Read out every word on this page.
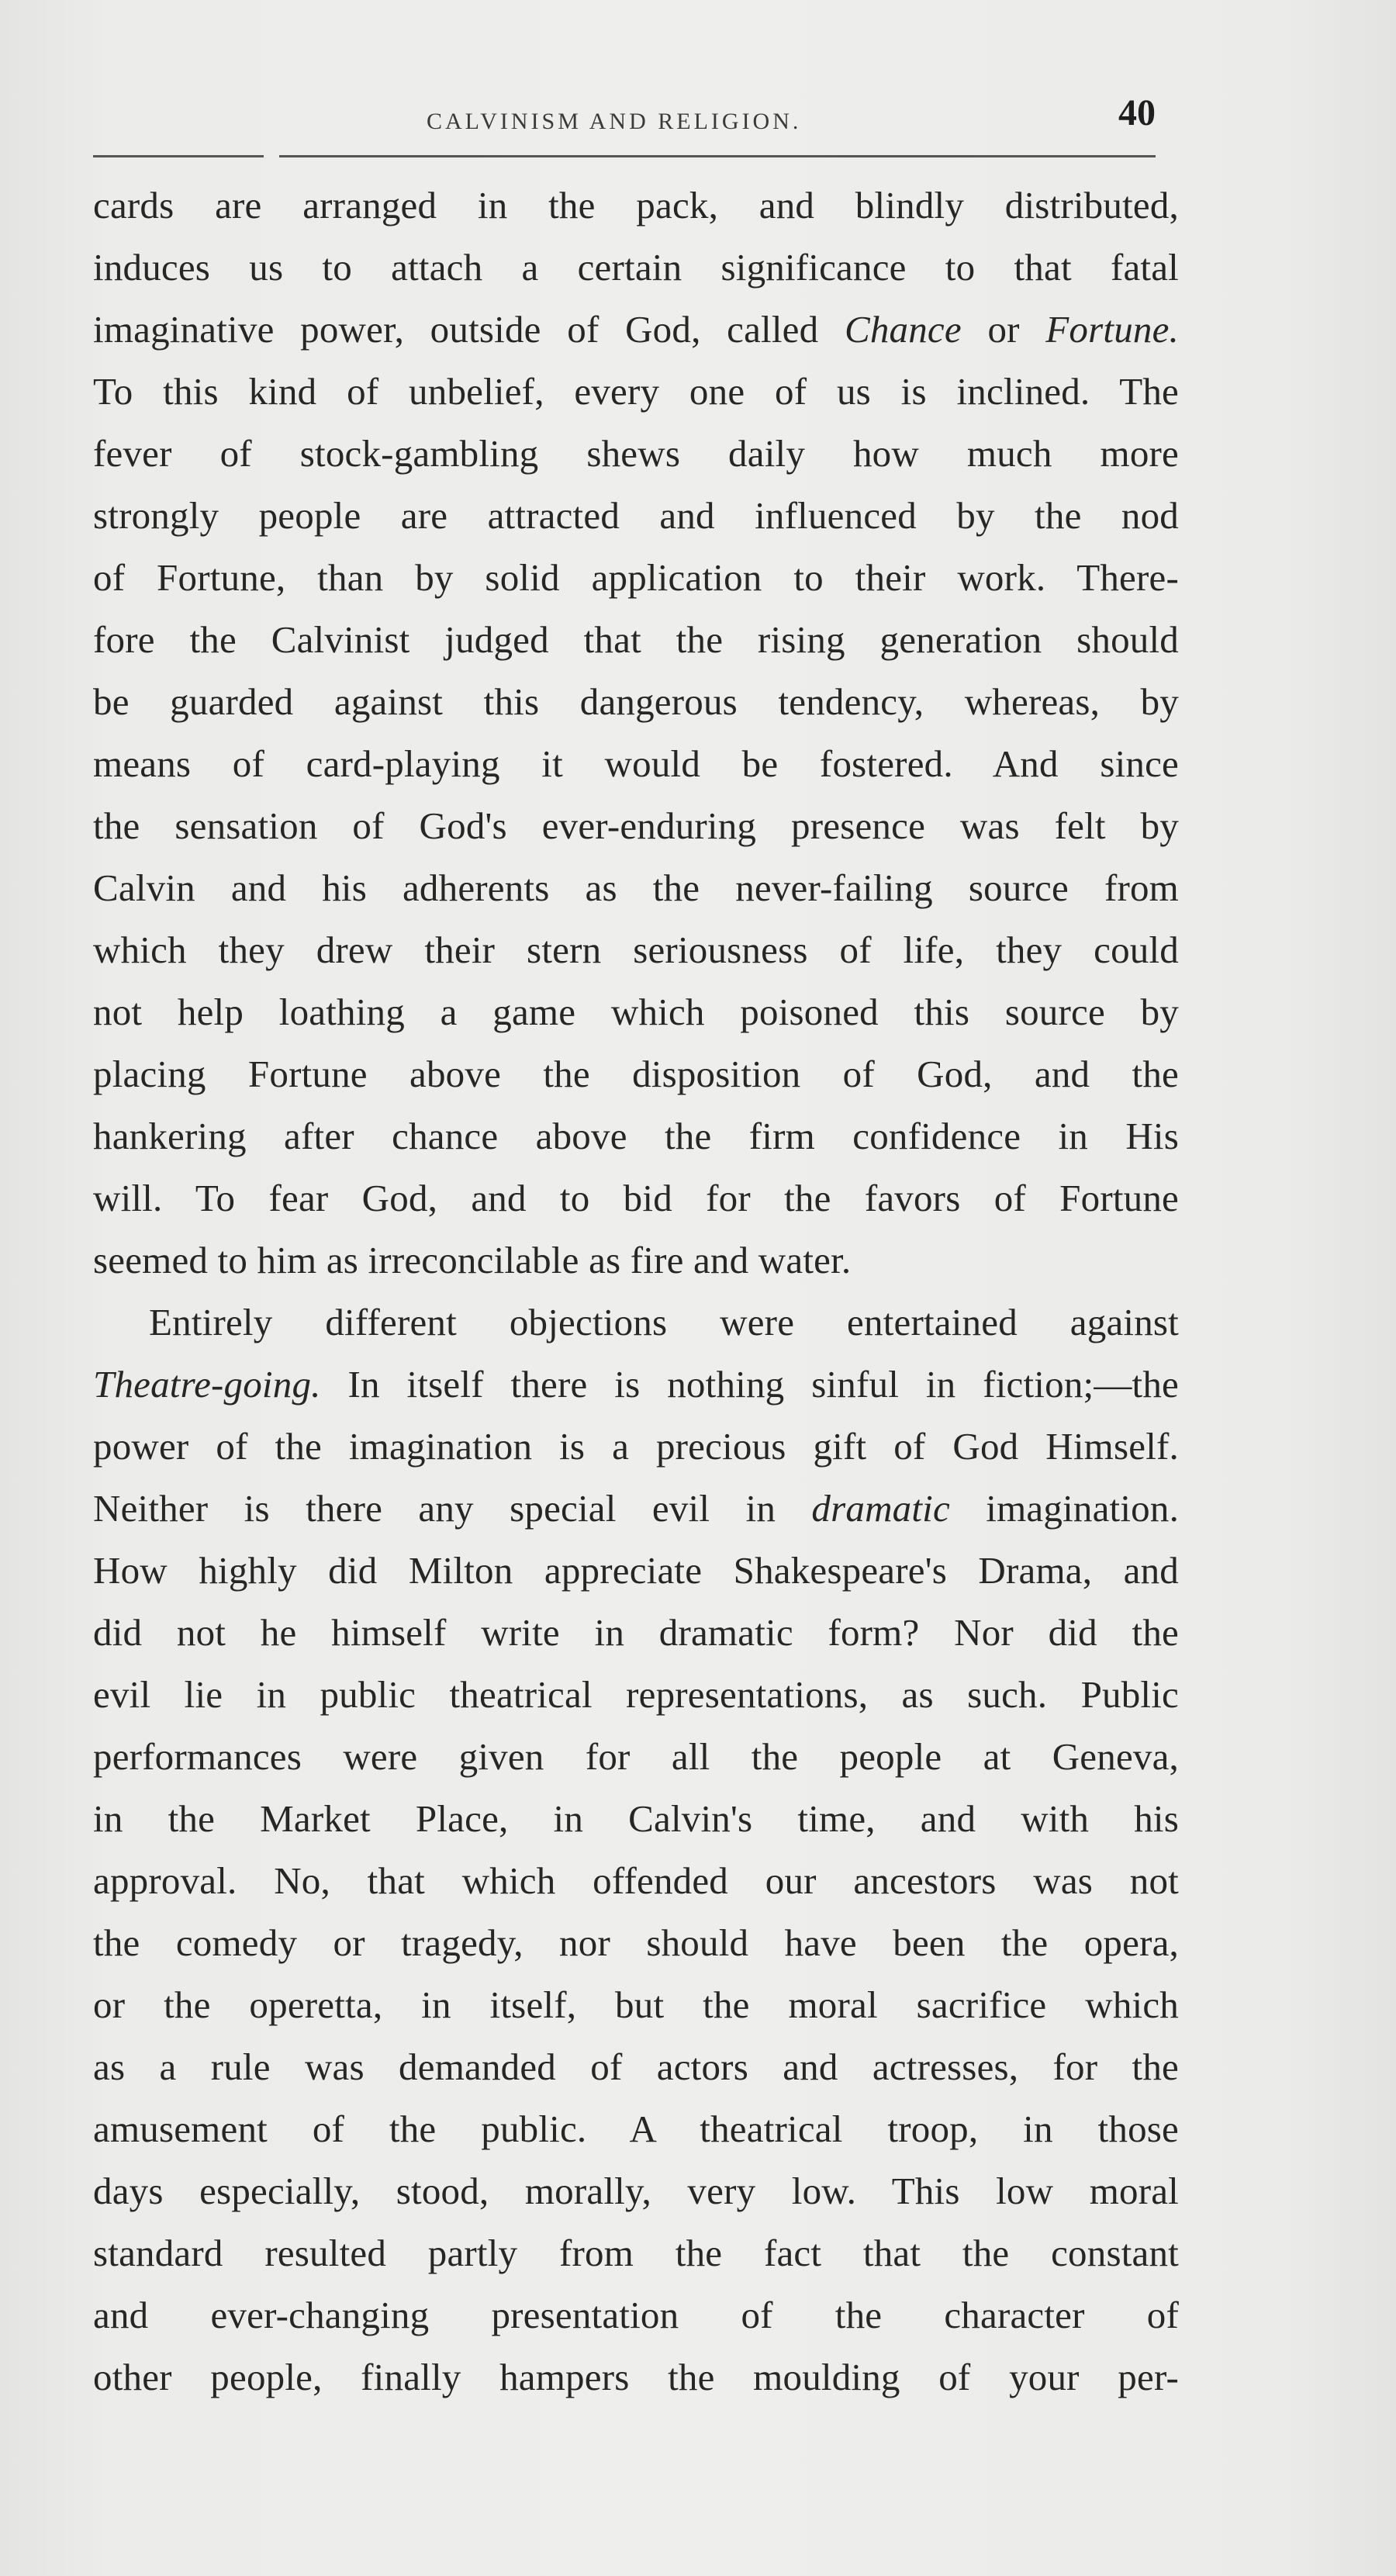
CALVINISM AND RELIGION.	40
cards are arranged in the pack, and blindly distributed,
induces us to attach a certain significance to that fatal
imaginative power, outside of God, called Chance or Fortune.
To this kind of unbelief, every one of us is inclined. The
fever of stock-gambling shews daily how much more
strongly people are attracted and influenced by the nod
of Fortune, than by solid application to their work. There-
fore the Calvinist judged that the rising generation should
be guarded against this dangerous tendency, whereas, by
means of card-playing it would be fostered. And since
the sensation of God's ever-enduring presence was felt by
Calvin and his adherents as the never-failing source from
which they drew their stern seriousness of life, they could
not help loathing a game which poisoned this source by
placing Fortune above the disposition of God, and the
hankering after chance above the firm confidence in His
will. To fear God, and to bid for the favors of Fortune
seemed to him as irreconcilable as fire and water.
Entirely different objections were entertained against
Theatre-going. In itself there is nothing sinful in fiction;—the
power of the imagination is a precious gift of God Himself.
Neither is there any special evil in dramatic imagination.
How highly did Milton appreciate Shakespeare's Drama, and
did not he himself write in dramatic form? Nor did the
evil lie in public theatrical representations, as such. Public
performances were given for all the people at Geneva,
in the Market Place, in Calvin's time, and with his
approval. No, that which offended our ancestors was not
the comedy or tragedy, nor should have been the opera,
or the operetta, in itself, but the moral sacrifice which
as a rule was demanded of actors and actresses, for the
amusement of the public. A theatrical troop, in those
days especially, stood, morally, very low. This low moral
standard resulted partly from the fact that the constant
and ever-changing presentation of the character of
other people, finally hampers the moulding of your per-
